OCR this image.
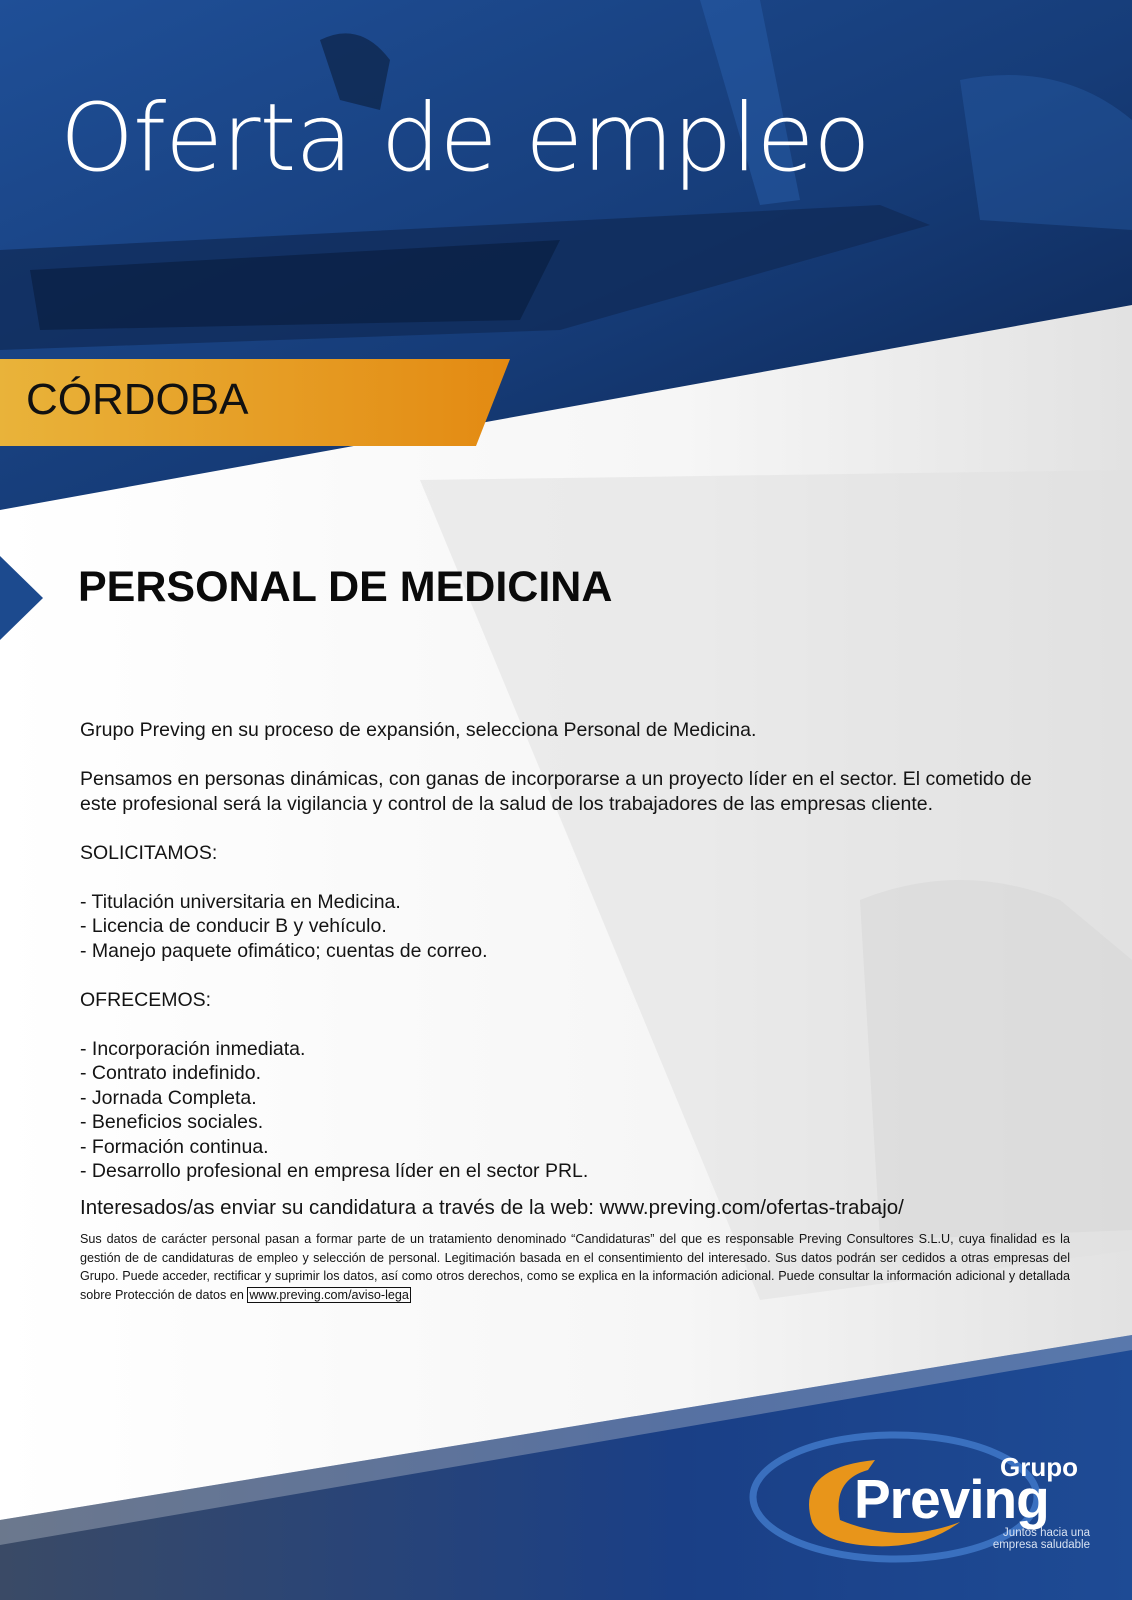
Oferta de empleo
CÓRDOBA
PERSONAL DE MEDICINA

Grupo Preving en su proceso de expansión, selecciona Personal de Medicina.

Pensamos en personas dinámicas, con ganas de incorporarse a un proyecto líder en el sector. El cometido de este profesional será la vigilancia y control de la salud de los trabajadores de las empresas cliente.

SOLICITAMOS:

- Titulación universitaria en Medicina.

- Licencia de conducir B y vehículo.

- Manejo paquete ofimático; cuentas de correo.

OFRECEMOS:

- Incorporación inmediata.

- Contrato indefinido.

- Jornada Completa.

- Beneficios sociales.

- Formación continua.

- Desarrollo profesional en empresa líder en el sector PRL.

Interesados/as enviar su candidatura a través de la web: www.preving.com/ofertas-trabajo/

Sus datos de carácter personal pasan a formar parte de un tratamiento denominado “Candidaturas” del que es responsable Preving Consultores S.L.U, cuya finalidad es la gestión de de candidaturas de empleo y selección de personal. Legitimación basada en el consentimiento del interesado. Sus datos podrán ser cedidos a otras empresas del Grupo. Puede acceder, rectificar y suprimir los datos, así como otros derechos, como se explica en la información adicional. Puede consultar la información adicional y detallada sobre Protección de datos en www.preving.com/aviso-lega
Grupo
Preving
Juntos hacia una
empresa saludable
